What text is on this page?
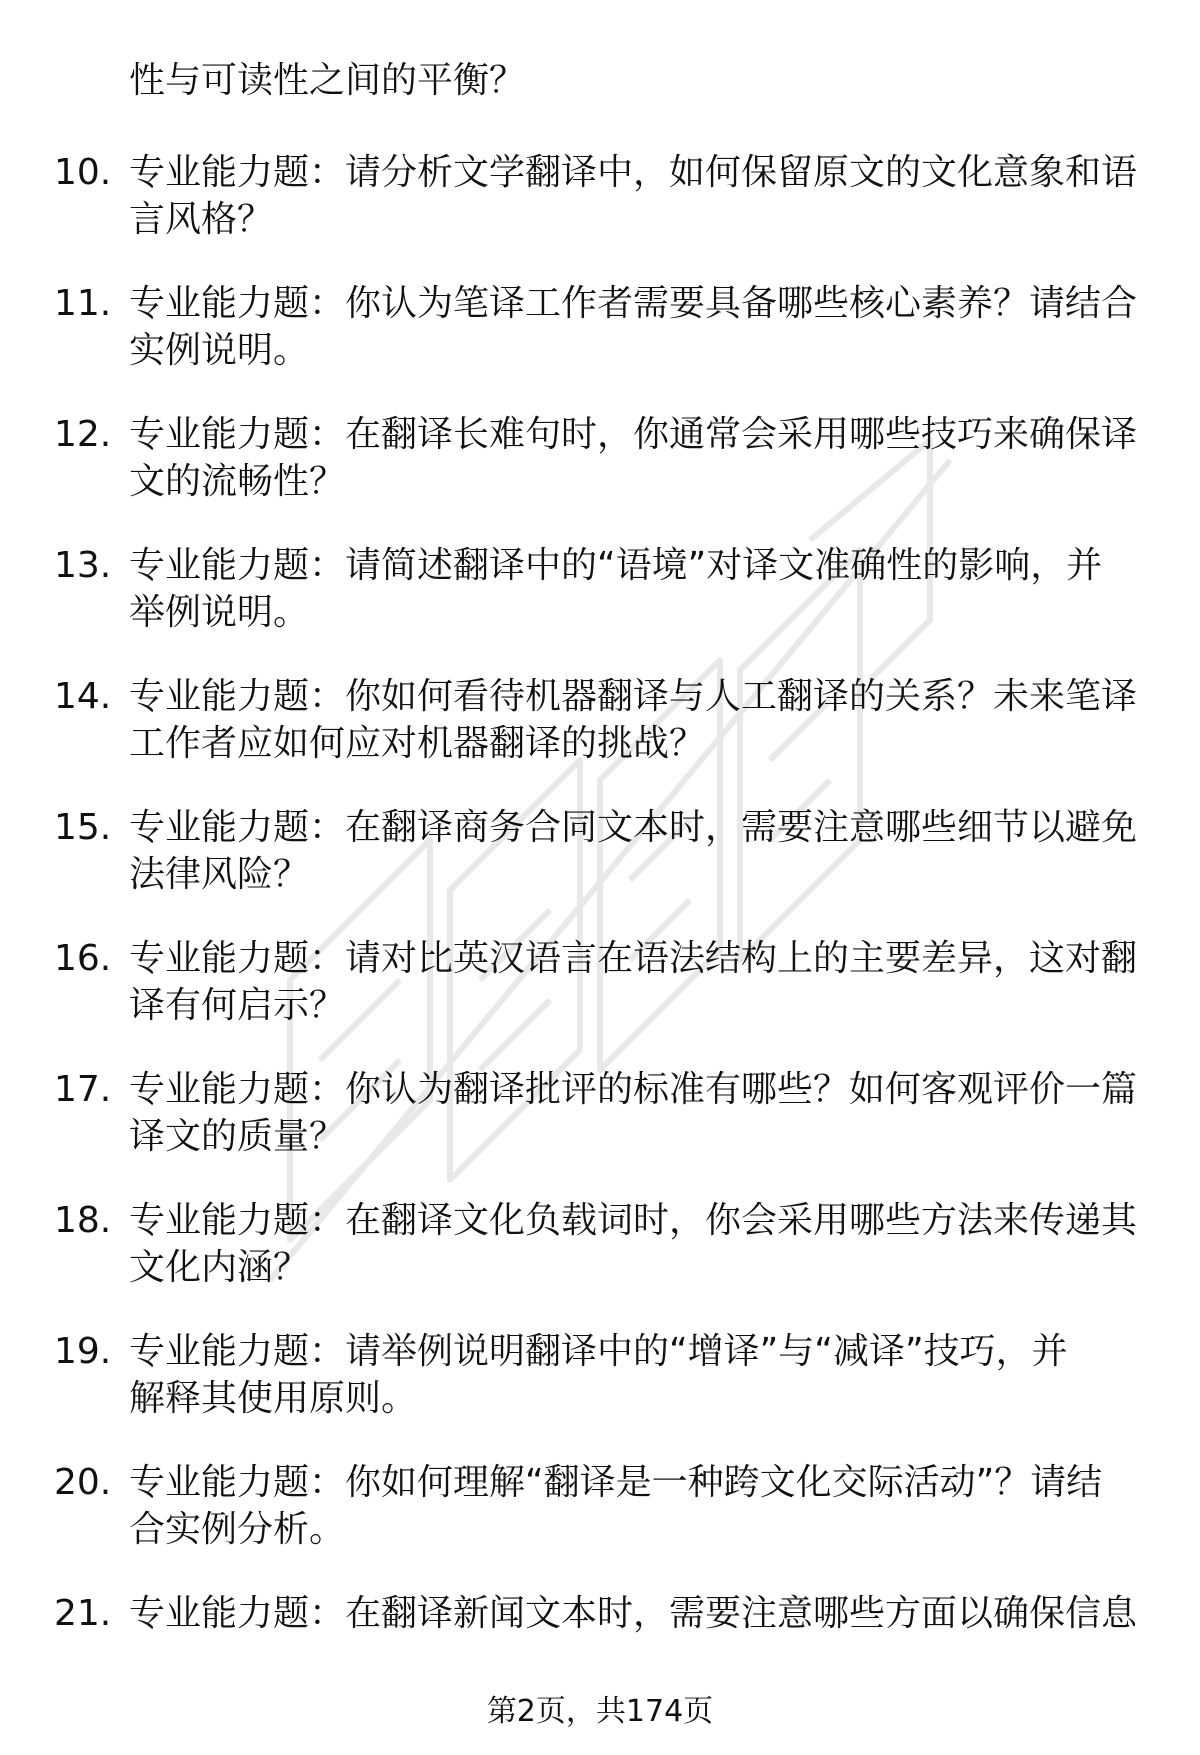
性与可读性之间的平衡？
10. 专业能力题：请分析文学翻译中，如何保留原文的文化意象和语
言风格？
11. 专业能力题：你认为笔译工作者需要具备哪些核心素养？请结合
实例说明。
12. 专业能力题：在翻译长难句时，你通常会采用哪些技巧来确保译
文的流畅性？
13. 专业能力题：请简述翻译中的“语境”对译文准确性的影响，并
举例说明。
14. 专业能力题：你如何看待机器翻译与人工翻译的关系？未来笔译
工作者应如何应对机器翻译的挑战？
15. 专业能力题：在翻译商务合同文本时，需要注意哪些细节以避免
法律风险？
16. 专业能力题：请对比英汉语言在语法结构上的主要差异，这对翻
译有何启示？
17. 专业能力题：你认为翻译批评的标准有哪些？如何客观评价一篇
译文的质量？
18. 专业能力题：在翻译文化负载词时，你会采用哪些方法来传递其
文化内涵？
19. 专业能力题：请举例说明翻译中的“增译”与“减译”技巧，并
解释其使用原则。
20. 专业能力题：你如何理解“翻译是一种跨文化交际活动”？请结
合实例分析。
21. 专业能力题：在翻译新闻文本时，需要注意哪些方面以确保信息
第2页，共174页
